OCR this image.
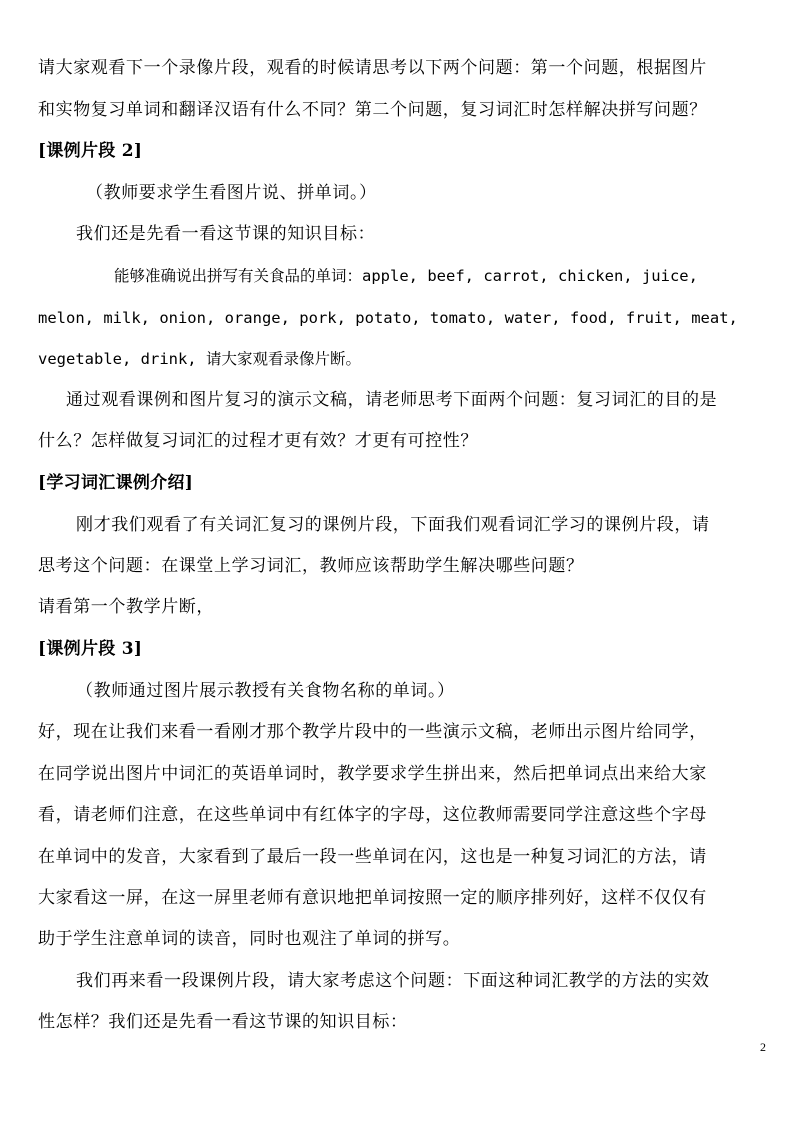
请大家观看下一个录像片段，观看的时候请思考以下两个问题：第一个问题，根据图片
和实物复习单词和翻译汉语有什么不同？第二个问题，复习词汇时怎样解决拼写问题？
[课例片段 2]
（教师要求学生看图片说、拼单词。）
我们还是先看一看这节课的知识目标：
能够准确说出拼写有关食品的单词：apple, beef, carrot, chicken, juice,
melon, milk, onion, orange, pork, potato, tomato, water, food, fruit, meat,
vegetable, drink, 请大家观看录像片断。
通过观看课例和图片复习的演示文稿，请老师思考下面两个问题：复习词汇的目的是
什么？怎样做复习词汇的过程才更有效？才更有可控性？
[学习词汇课例介绍]
刚才我们观看了有关词汇复习的课例片段，下面我们观看词汇学习的课例片段，请
思考这个问题：在课堂上学习词汇，教师应该帮助学生解决哪些问题？
请看第一个教学片断，
[课例片段 3]
（教师通过图片展示教授有关食物名称的单词。）
好，现在让我们来看一看刚才那个教学片段中的一些演示文稿，老师出示图片给同学，
在同学说出图片中词汇的英语单词时，教学要求学生拼出来，然后把单词点出来给大家
看，请老师们注意，在这些单词中有红体字的字母，这位教师需要同学注意这些个字母
在单词中的发音，大家看到了最后一段一些单词在闪，这也是一种复习词汇的方法，请
大家看这一屏，在这一屏里老师有意识地把单词按照一定的顺序排列好，这样不仅仅有
助于学生注意单词的读音，同时也观注了单词的拼写。
我们再来看一段课例片段，请大家考虑这个问题：下面这种词汇教学的方法的实效
性怎样？我们还是先看一看这节课的知识目标：
2
